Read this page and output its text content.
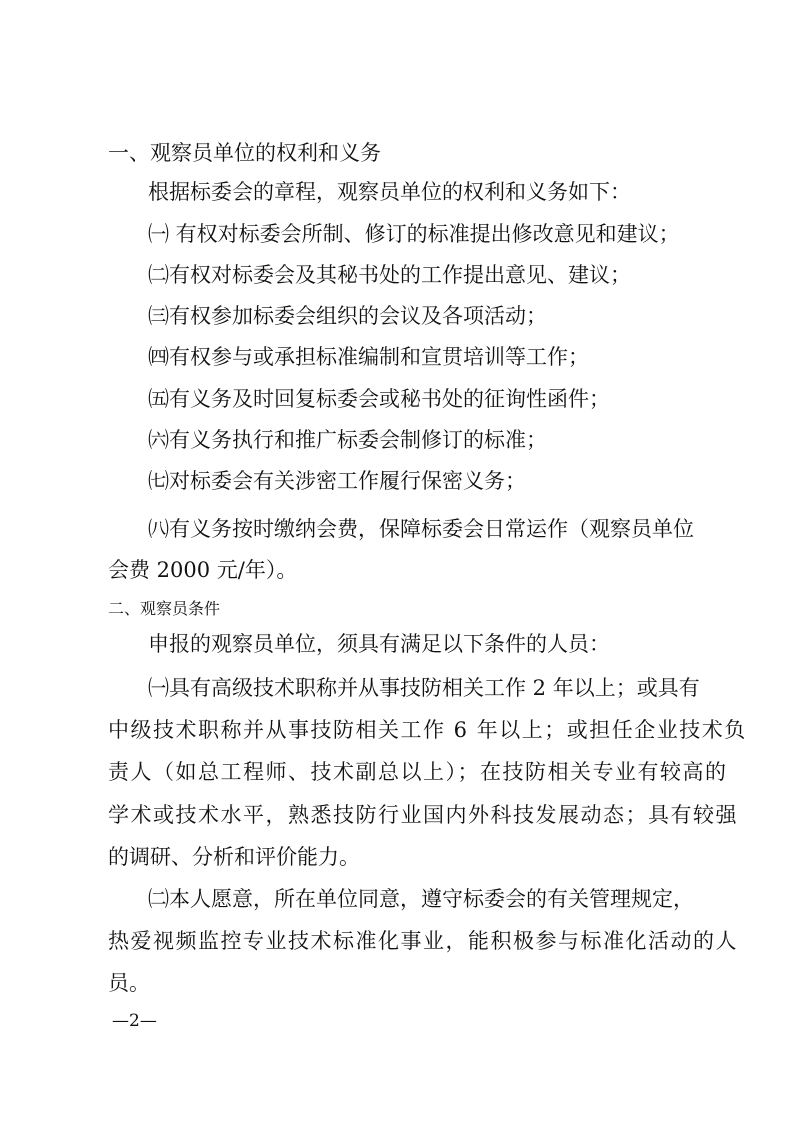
一、观察员单位的权利和义务
根据标委会的章程，观察员单位的权利和义务如下：
㈠ 有权对标委会所制、修订的标准提出修改意见和建议；
㈡有权对标委会及其秘书处的工作提出意见、建议；
㈢有权参加标委会组织的会议及各项活动；
㈣有权参与或承担标准编制和宣贯培训等工作；
㈤有义务及时回复标委会或秘书处的征询性函件；
㈥有义务执行和推广标委会制修订的标准；
㈦对标委会有关涉密工作履行保密义务；
㈧有义务按时缴纳会费，保障标委会日常运作（观察员单位
会费 2000 元/年）。
二、观察员条件
申报的观察员单位，须具有满足以下条件的人员：
㈠具有高级技术职称并从事技防相关工作 2 年以上；或具有
中级技术职称并从事技防相关工作 6 年以上；或担任企业技术负
责人（如总工程师、技术副总以上）；在技防相关专业有较高的
学术或技术水平，熟悉技防行业国内外科技发展动态；具有较强
的调研、分析和评价能力。
㈡本人愿意，所在单位同意，遵守标委会的有关管理规定，
热爱视频监控专业技术标准化事业，能积极参与标准化活动的人
员。
—2—
